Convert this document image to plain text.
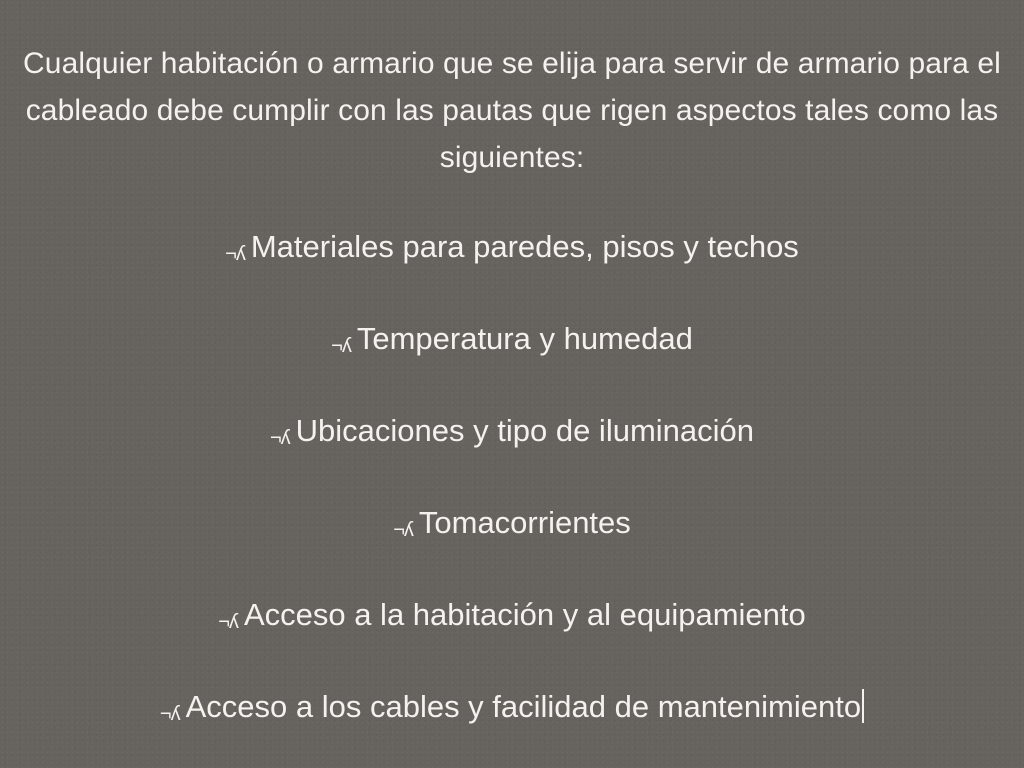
Cualquier habitación o armario que se elija para servir de armario para el cableado debe cumplir con las pautas que rigen aspectos tales como las siguientes:
¬ʎ Materiales para paredes, pisos y techos
¬ʎ Temperatura y humedad
¬ʎ Ubicaciones y tipo de iluminación
¬ʎ Tomacorrientes
¬ʎ Acceso a la habitación y al equipamiento
¬ʎ Acceso a los cables y facilidad de mantenimiento
